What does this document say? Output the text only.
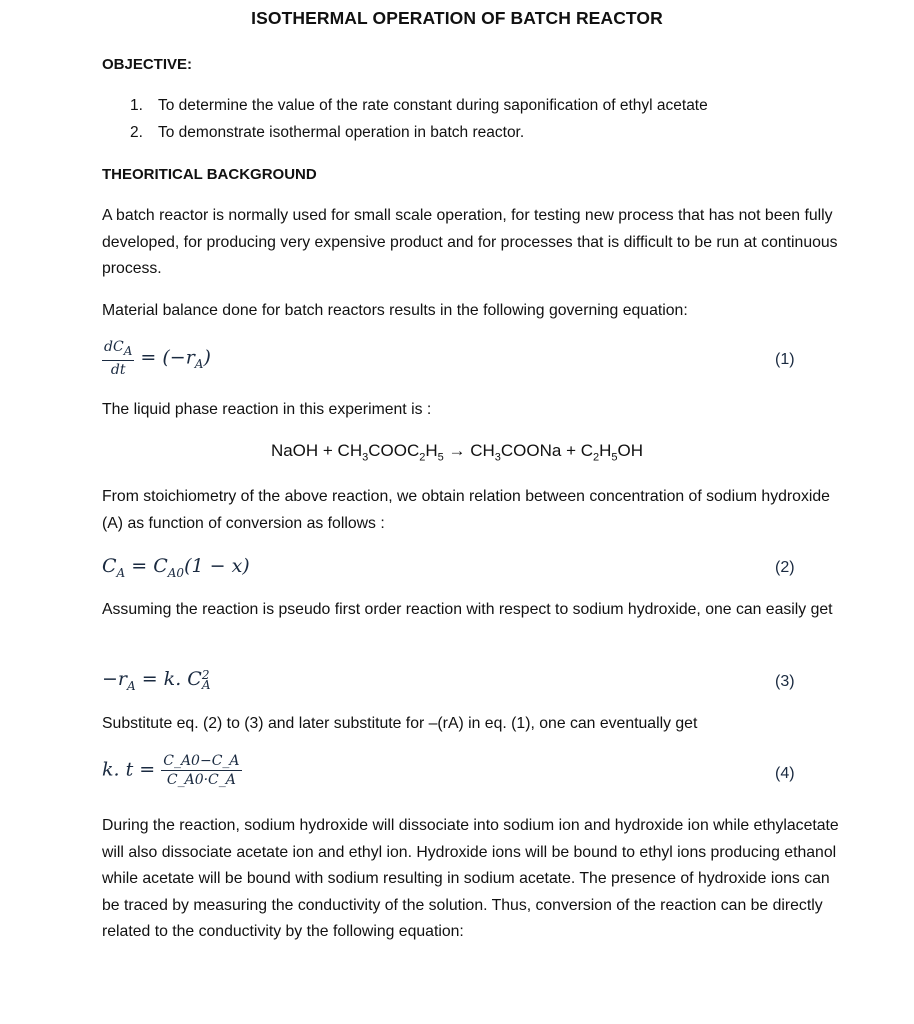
ISOTHERMAL OPERATION OF BATCH REACTOR
OBJECTIVE:
1. To determine the value of the rate constant during saponification of ethyl acetate
2. To demonstrate isothermal operation in batch reactor.
THEORITICAL BACKGROUND

A batch reactor is normally used for small scale operation, for testing new process that has not been fully developed, for producing very expensive product and for processes that is difficult to be run at continuous process.

Material balance done for batch reactors results in the following governing equation:

$\frac{dC_A}{dt} = (-r_A)$	(1)

The liquid phase reaction in this experiment is :

NaOH + $CH_3COOC_2H_5$ → $CH_3COONa + C_2H_5OH$

From stoichiometry of the above reaction, we obtain relation between concentration of sodium hydroxide (A) as function of conversion as follows :

$C_A = C_{A0}(1 - x)$	(2)

Assuming the reaction is pseudo first order reaction with respect to sodium hydroxide, one can easily get

$-r_A = k$. C 2
A	(3)

Substitute eq. (2) to (3) and later substitute for –(rA) in eq. (1), one can eventually get

k. $t = \frac{C\_A0-C\_A}{C\_A0\cdot C\_A}$	(4)

During the reaction, sodium hydroxide will dissociate into sodium ion and hydroxide ion while ethylacetate will also dissociate acetate ion and ethyl ion. Hydroxide ions will be bound to ethyl ions producing ethanol while acetate will be bound with sodium resulting in sodium acetate. The presence of hydroxide ions can be traced by measuring the conductivity of the solution. Thus, conversion of the reaction can be directly related to the conductivity by the following equation:
